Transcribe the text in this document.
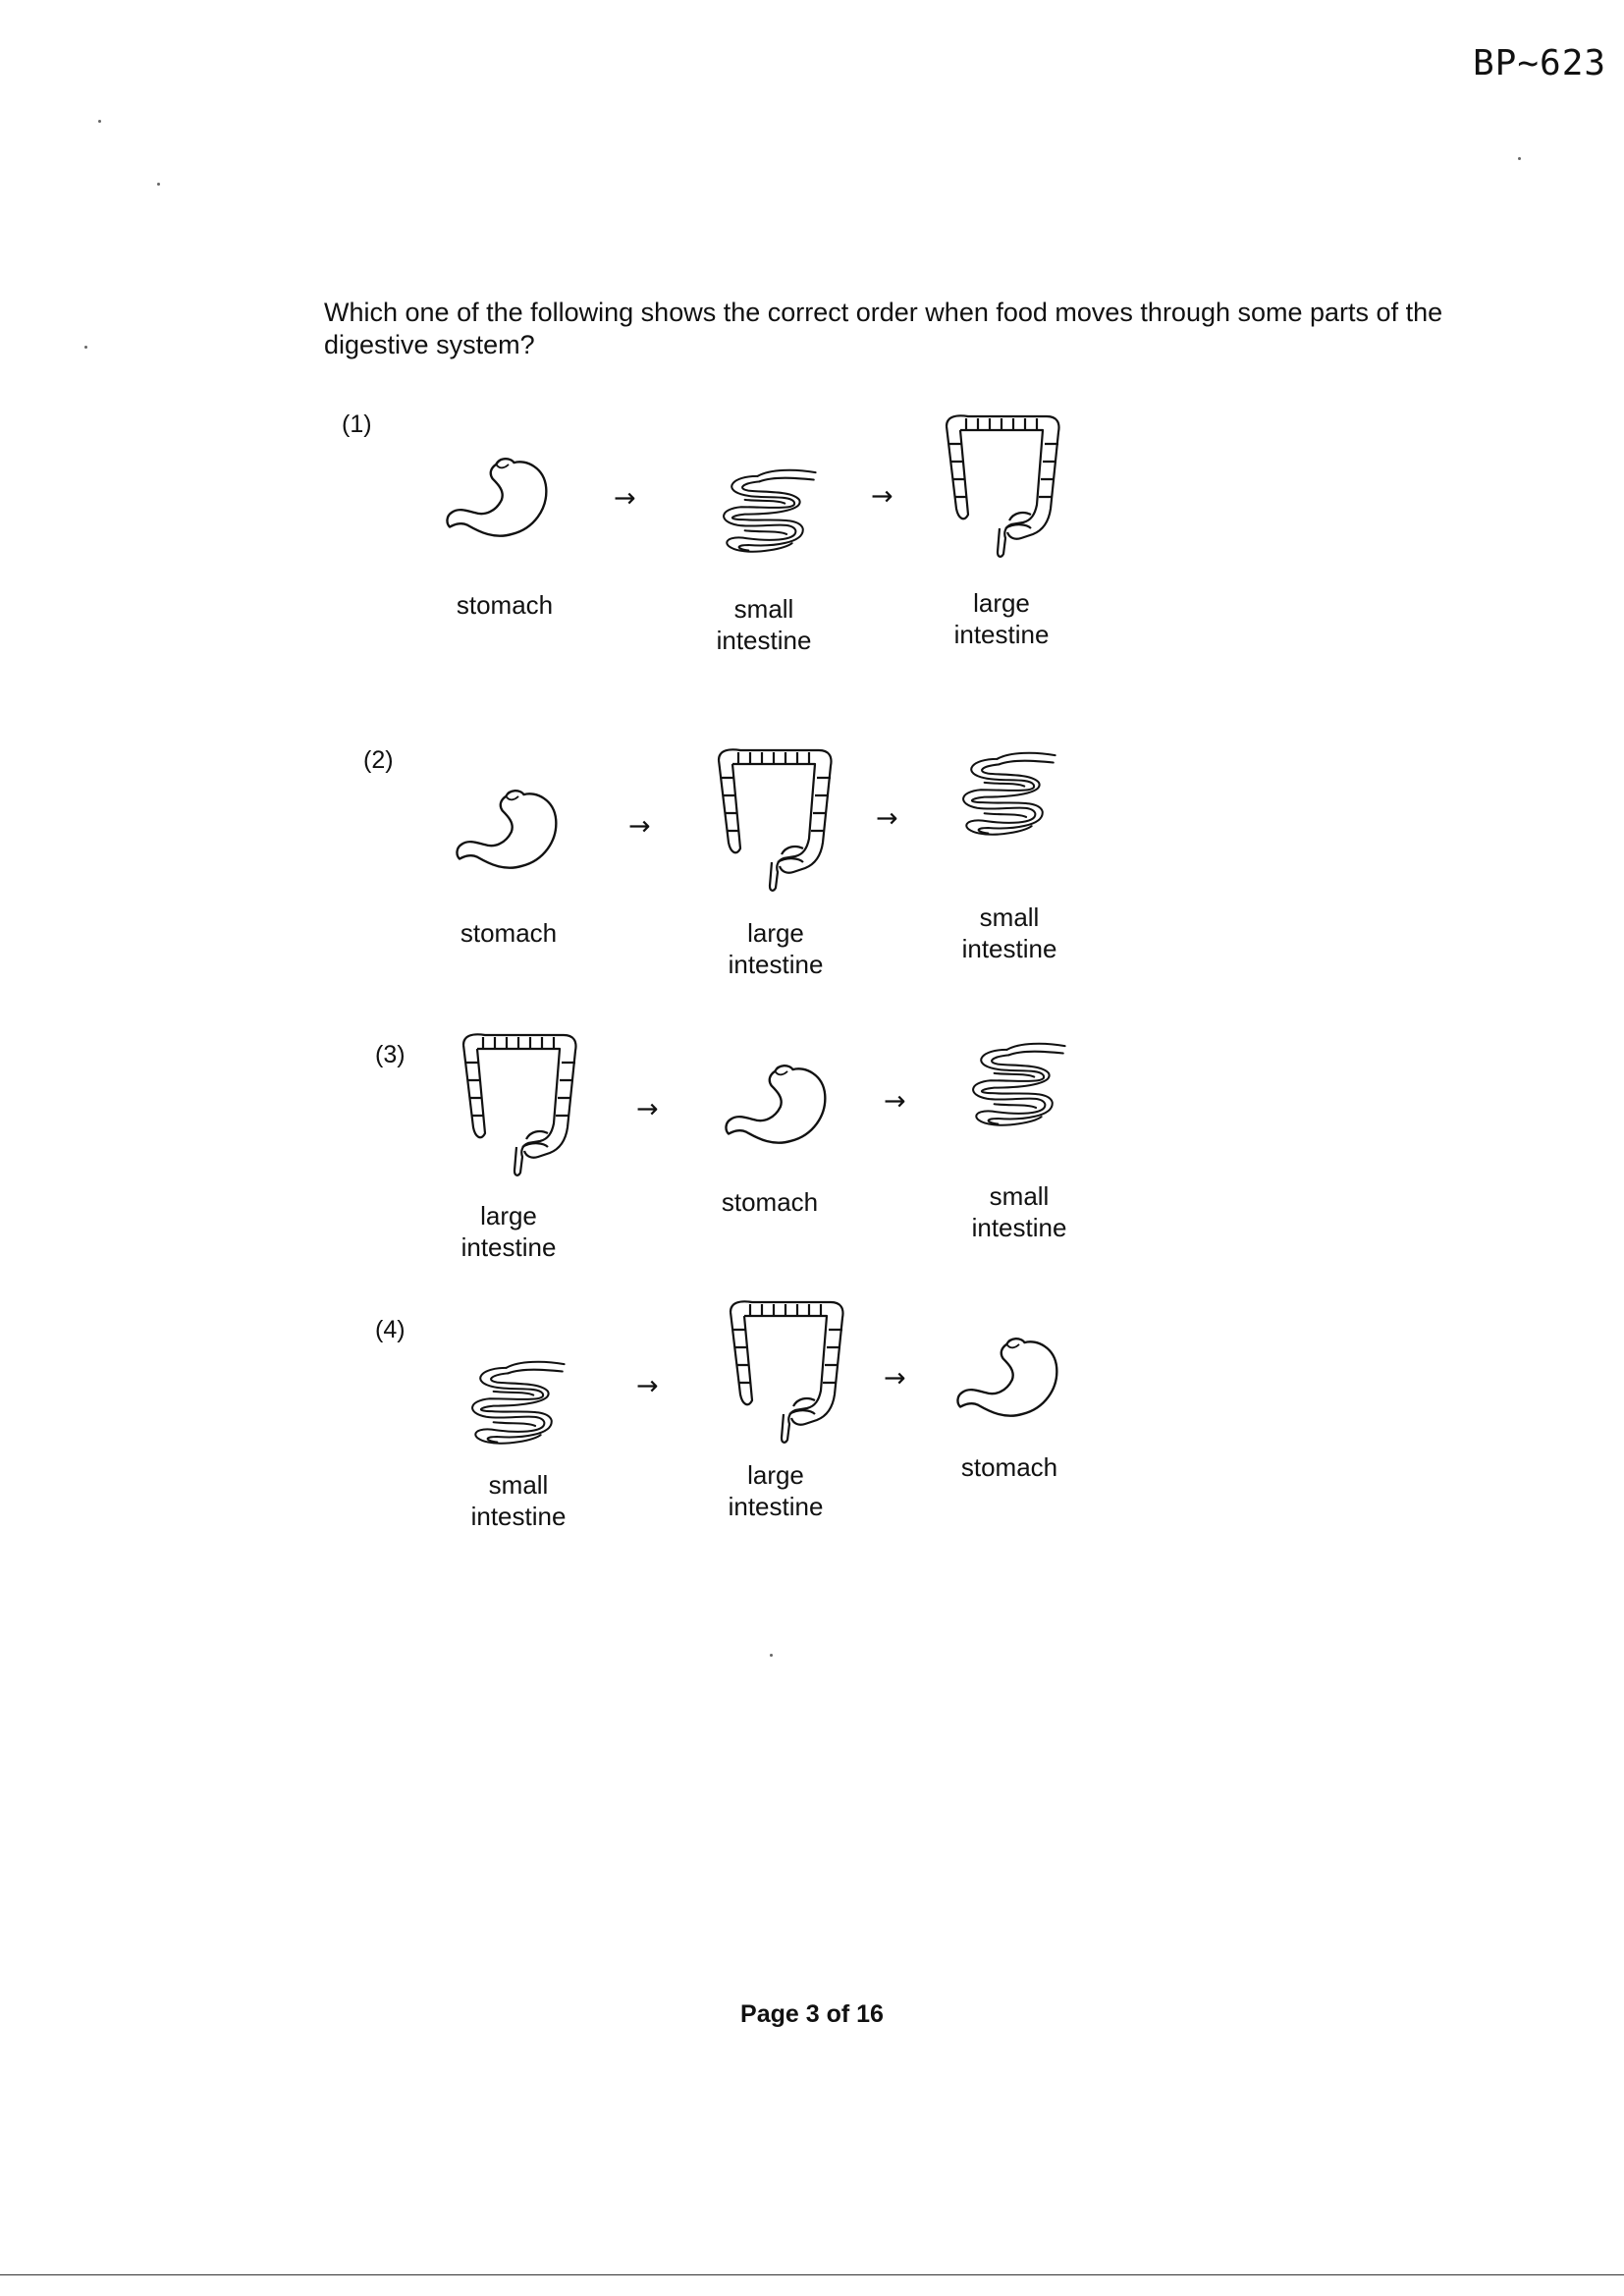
BP~623
Which one of the following shows the correct order when food moves through some parts of the digestive system?
(1)
→	→
stomach	small
intestine
large
intestine
(2)
→	→
stomach	large
intestine
small
intestine
(3)
→	→
large
intestine
stomach	small
intestine
(4)
→	→
small
intestine
large
intestine
stomach
Page 3 of 16
